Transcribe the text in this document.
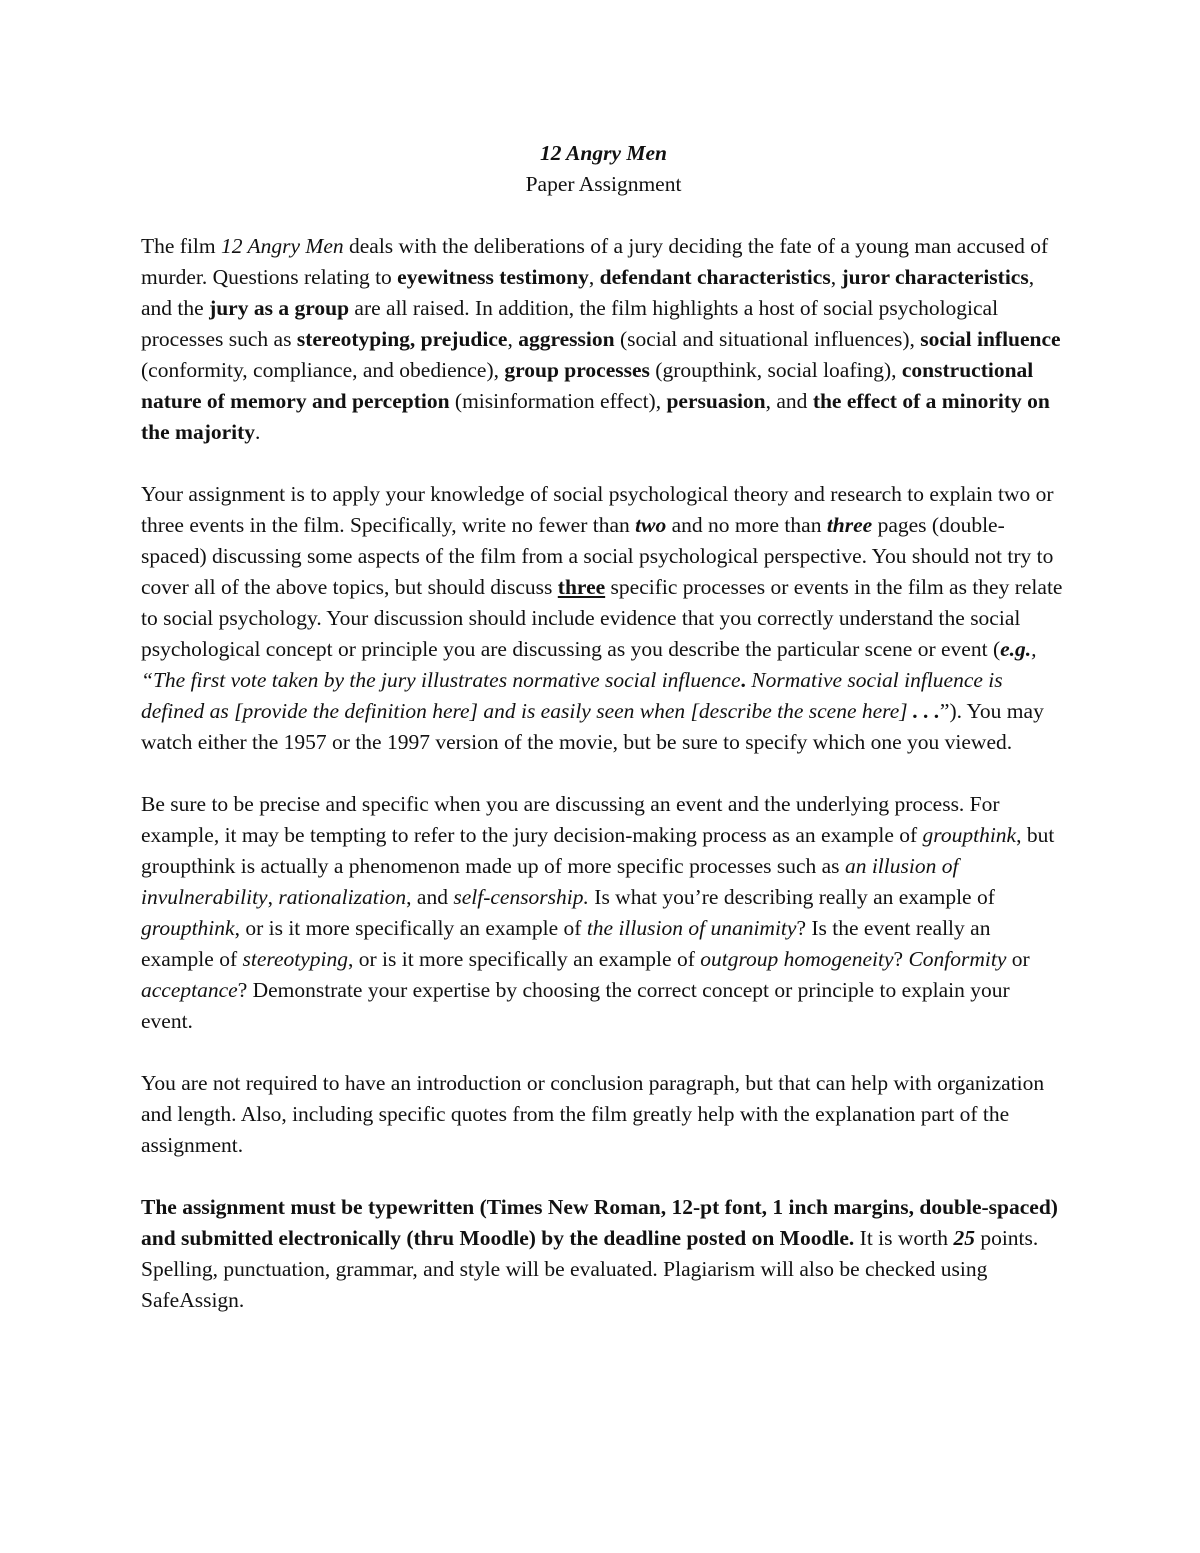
12 Angry Men
Paper Assignment

The film 12 Angry Men deals with the deliberations of a jury deciding the fate of a young man accused of murder. Questions relating to eyewitness testimony, defendant characteristics, juror characteristics, and the jury as a group are all raised. In addition, the film highlights a host of social psychological processes such as stereotyping, prejudice, aggression (social and situational influences), social influence (conformity, compliance, and obedience), group processes (groupthink, social loafing), constructional nature of memory and perception (misinformation effect), persuasion, and the effect of a minority on the majority.

Your assignment is to apply your knowledge of social psychological theory and research to explain two or three events in the film. Specifically, write no fewer than two and no more than three pages (double-spaced) discussing some aspects of the film from a social psychological perspective. You should not try to cover all of the above topics, but should discuss three specific processes or events in the film as they relate to social psychology. Your discussion should include evidence that you correctly understand the social psychological concept or principle you are discussing as you describe the particular scene or event (e.g., “The first vote taken by the jury illustrates normative social influence. Normative social influence is defined as [provide the definition here] and is easily seen when [describe the scene here] . . .”). You may watch either the 1957 or the 1997 version of the movie, but be sure to specify which one you viewed.

Be sure to be precise and specific when you are discussing an event and the underlying process. For example, it may be tempting to refer to the jury decision-making process as an example of groupthink, but groupthink is actually a phenomenon made up of more specific processes such as an illusion of invulnerability, rationalization, and self-censorship. Is what you’re describing really an example of groupthink, or is it more specifically an example of the illusion of unanimity? Is the event really an example of stereotyping, or is it more specifically an example of outgroup homogeneity? Conformity or acceptance? Demonstrate your expertise by choosing the correct concept or principle to explain your event.

You are not required to have an introduction or conclusion paragraph, but that can help with organization and length. Also, including specific quotes from the film greatly help with the explanation part of the assignment.

The assignment must be typewritten (Times New Roman, 12-pt font, 1 inch margins, double-spaced) and submitted electronically (thru Moodle) by the deadline posted on Moodle. It is worth 25 points. Spelling, punctuation, grammar, and style will be evaluated. Plagiarism will also be checked using SafeAssign.
